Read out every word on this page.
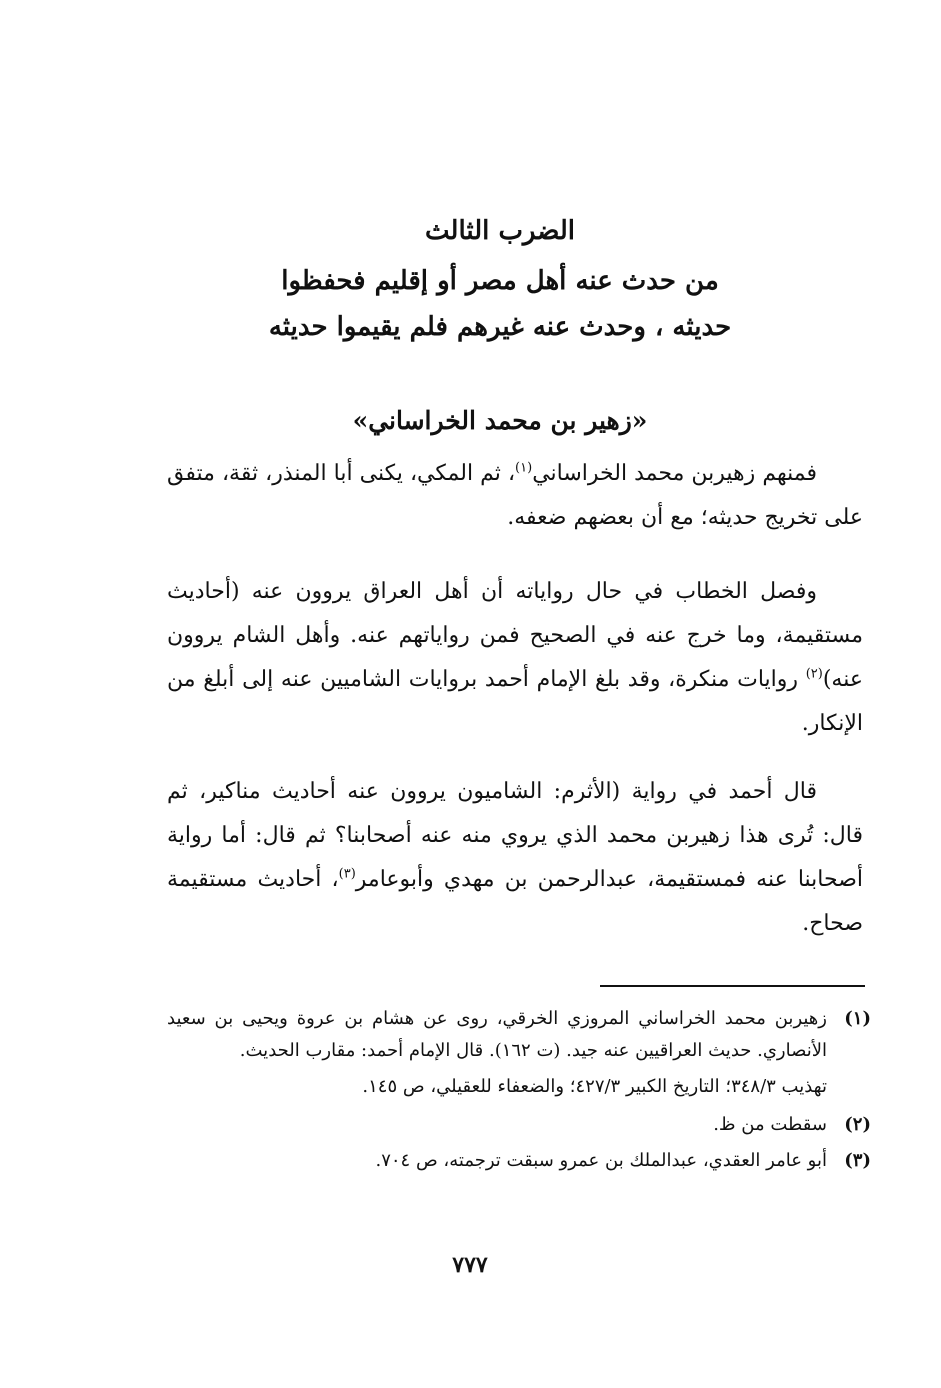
الضرب الثالث
من حدث عنه أهل مصر أو إقليم فحفظوا
حديثه ، وحدث عنه غيرهم فلم يقيموا حديثه
«زهير بن محمد الخراساني»

فمنهم زهيربن محمد الخراساني$^{(١)}$، ثم المكي، يكنى أبا المنذر، ثقة، متفق على تخريج حديثه؛ مع أن بعضهم ضعفه.

وفصل الخطاب في حال رواياته أن أهل العراق يروون عنه (أحاديث مستقيمة، وما خرج عنه في الصحيح فمن رواياتهم عنه. وأهل الشام يروون عنه)$^{(٢)}$ روايات منكرة، وقد بلغ الإمام أحمد بروايات الشاميين عنه إلى أبلغ من الإنكار.

قال أحمد في رواية (الأثرم: الشاميون يروون عنه أحاديث مناكير، ثم قال: تُرى هذا زهيربن محمد الذي يروي منه عنه أصحابنا؟ ثم قال: أما رواية أصحابنا عنه فمستقيمة، عبدالرحمن بن مهدي وأبوعامر$^{(٣)}$، أحاديث مستقيمة صحاح.

(١)
زهيربن محمد الخراساني المروزي الخرقي، روى عن هشام بن عروة ويحيى بن سعيد الأنصاري. حديث العراقيين عنه جيد. (ت ١٦٢). قال الإمام أحمد: مقارب الحديث.
تهذيب ٣٤٨/٣؛ التاريخ الكبير ٤٢٧/٣؛ والضعفاء للعقيلي، ص ١٤٥.
(٢)
سقطت من ظ.
(٣)
أبو عامر العقدي، عبدالملك بن عمرو سبقت ترجمته، ص ٧٠٤.
٧٧٧
